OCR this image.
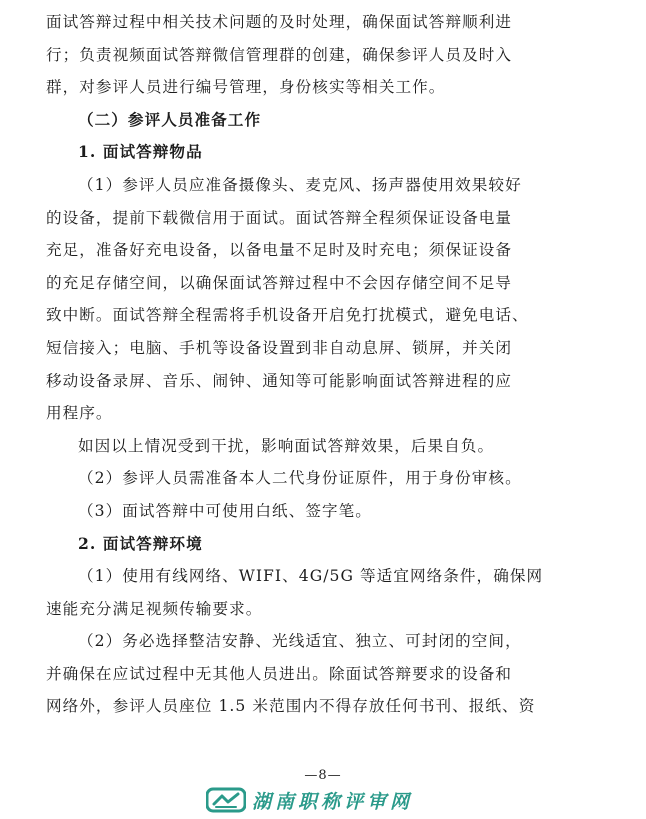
面试答辩过程中相关技术问题的及时处理，确保面试答辩顺利进
行；负责视频面试答辩微信管理群的创建，确保参评人员及时入
群，对参评人员进行编号管理，身份核实等相关工作。
（二）参评人员准备工作
1. 面试答辩物品
（1）参评人员应准备摄像头、麦克风、扬声器使用效果较好
的设备，提前下载微信用于面试。面试答辩全程须保证设备电量
充足，准备好充电设备，以备电量不足时及时充电；须保证设备
的充足存储空间，以确保面试答辩过程中不会因存储空间不足导
致中断。面试答辩全程需将手机设备开启免打扰模式，避免电话、
短信接入；电脑、手机等设备设置到非自动息屏、锁屏，并关闭
移动设备录屏、音乐、闹钟、通知等可能影响面试答辩进程的应
用程序。
如因以上情况受到干扰，影响面试答辩效果，后果自负。
（2）参评人员需准备本人二代身份证原件，用于身份审核。
（3）面试答辩中可使用白纸、签字笔。
2. 面试答辩环境
（1）使用有线网络、WIFI、4G/5G 等适宜网络条件，确保网
速能充分满足视频传输要求。
（2）务必选择整洁安静、光线适宜、独立、可封闭的空间，
并确保在应试过程中无其他人员进出。除面试答辩要求的设备和
网络外，参评人员座位 1.5 米范围内不得存放任何书刊、报纸、资
—8—
湖南职称评审网
